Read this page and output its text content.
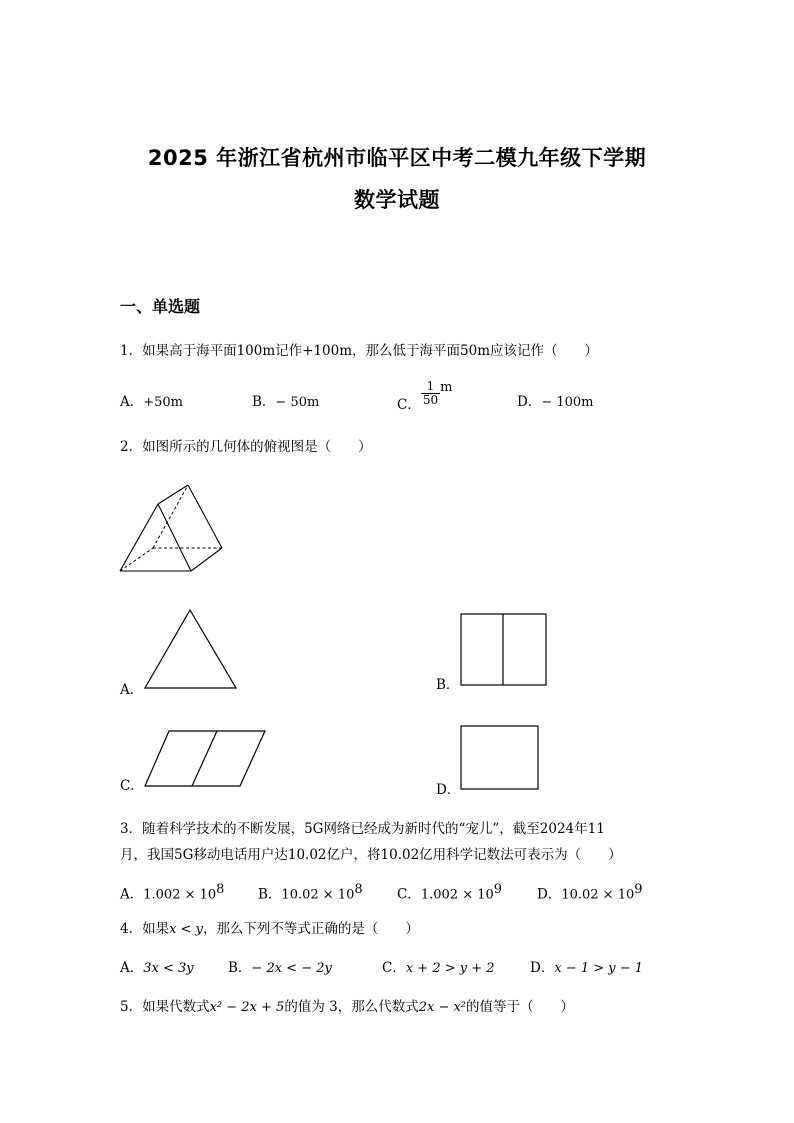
2025 年浙江省杭州市临平区中考二模九年级下学期
数学试题
一、单选题
1．如果高于海平面100m记作+100m，那么低于海平面50m应该记作（　　）
A．+50m	B．− 50m	C． $\frac{1}{50}$ m
D．− 100m
2．如图所示的几何体的俯视图是（　　）
A．	B．
C．	D．
3．随着科学技术的不断发展，5G网络已经成为新时代的“宠儿”，截至2024年11
月，我国5G移动电话用户达10.02亿户，将10.02亿用科学记数法可表示为（　　）
A．$1.002 \times 10^8$ B．$10.02 \times 10^8$	C．$1.002 \times 10^9$	D．$10.02 \times 10^9$
4．如果x < y，那么下列不等式正确的是（　　）
A．3x < 3y	B．− 2x < − 2y	C．x + 2 > y + 2	D．x − 1 > y − 1
5．如果代数式x² − 2x + 5的值为 3，那么代数式2x − x²的值等于（　　）
